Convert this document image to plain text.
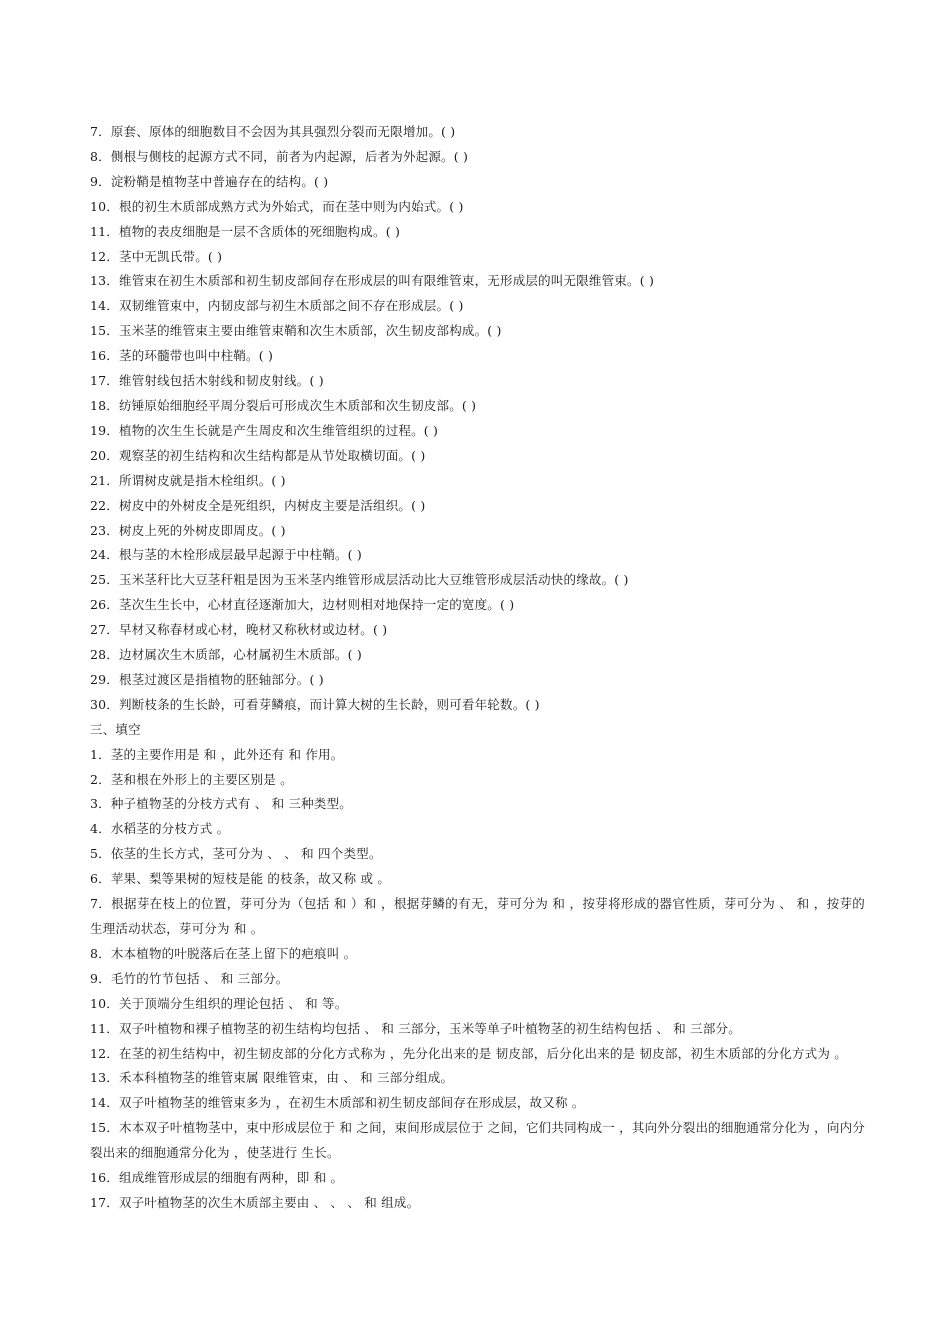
7．原套、原体的细胞数目不会因为其具强烈分裂而无限增加。( )
8．侧根与侧枝的起源方式不同，前者为内起源，后者为外起源。( )
9．淀粉鞘是植物茎中普遍存在的结构。( )
10．根的初生木质部成熟方式为外始式，而在茎中则为内始式。( )
11．植物的表皮细胞是一层不含质体的死细胞构成。( )
12．茎中无凯氏带。( )
13．维管束在初生木质部和初生韧皮部间存在形成层的叫有限维管束，无形成层的叫无限维管束。( )
14．双韧维管束中，内韧皮部与初生木质部之间不存在形成层。( )
15．玉米茎的维管束主要由维管束鞘和次生木质部，次生韧皮部构成。( )
16．茎的环髓带也叫中柱鞘。( )
17．维管射线包括木射线和韧皮射线。( )
18．纺锤原始细胞经平周分裂后可形成次生木质部和次生韧皮部。( )
19．植物的次生生长就是产生周皮和次生维管组织的过程。( )
20．观察茎的初生结构和次生结构都是从节处取横切面。( )
21．所谓树皮就是指木栓组织。( )
22．树皮中的外树皮全是死组织，内树皮主要是活组织。( )
23．树皮上死的外树皮即周皮。( )
24．根与茎的木栓形成层最早起源于中柱鞘。( )
25．玉米茎秆比大豆茎秆粗是因为玉米茎内维管形成层活动比大豆维管形成层活动快的缘故。( )
26．茎次生生长中，心材直径逐渐加大，边材则相对地保持一定的宽度。( )
27．早材又称春材或心材，晚材又称秋材或边材。( )
28．边材属次生木质部，心材属初生木质部。( )
29．根茎过渡区是指植物的胚轴部分。( )
30．判断枝条的生长龄，可看芽鳞痕，而计算大树的生长龄，则可看年轮数。( )
三、填空
1．茎的主要作用是 和 ，此外还有 和 作用。
2．茎和根在外形上的主要区别是 。
3．种子植物茎的分枝方式有 、 和 三种类型。
4．水稻茎的分枝方式 。
5．依茎的生长方式，茎可分为 、 、 和 四个类型。
6．苹果、梨等果树的短枝是能 的枝条，故又称 或 。
7．根据芽在枝上的位置，芽可分为（包括 和 ）和 ，根据芽鳞的有无，芽可分为 和 ，按芽将形成的器官性质，芽可分为 、 和 ，按芽的生理活动状态，芽可分为 和 。
8．木本植物的叶脱落后在茎上留下的疤痕叫 。
9．毛竹的竹节包括 、 和 三部分。
10．关于顶端分生组织的理论包括 、 和 等。
11．双子叶植物和裸子植物茎的初生结构均包括 、 和 三部分，玉米等单子叶植物茎的初生结构包括 、 和 三部分。
12．在茎的初生结构中，初生韧皮部的分化方式称为 ，先分化出来的是 韧皮部，后分化出来的是 韧皮部，初生木质部的分化方式为 。
13．禾本科植物茎的维管束属 限维管束，由 、 和 三部分组成。
14．双子叶植物茎的维管束多为 ，在初生木质部和初生韧皮部间存在形成层，故又称 。
15．木本双子叶植物茎中，束中形成层位于 和 之间，束间形成层位于 之间，它们共同构成一 ，其向外分裂出的细胞通常分化为 ，向内分裂出来的细胞通常分化为 ，使茎进行 生长。
16．组成维管形成层的细胞有两种，即 和 。
17．双子叶植物茎的次生木质部主要由 、 、 、 和 组成。
